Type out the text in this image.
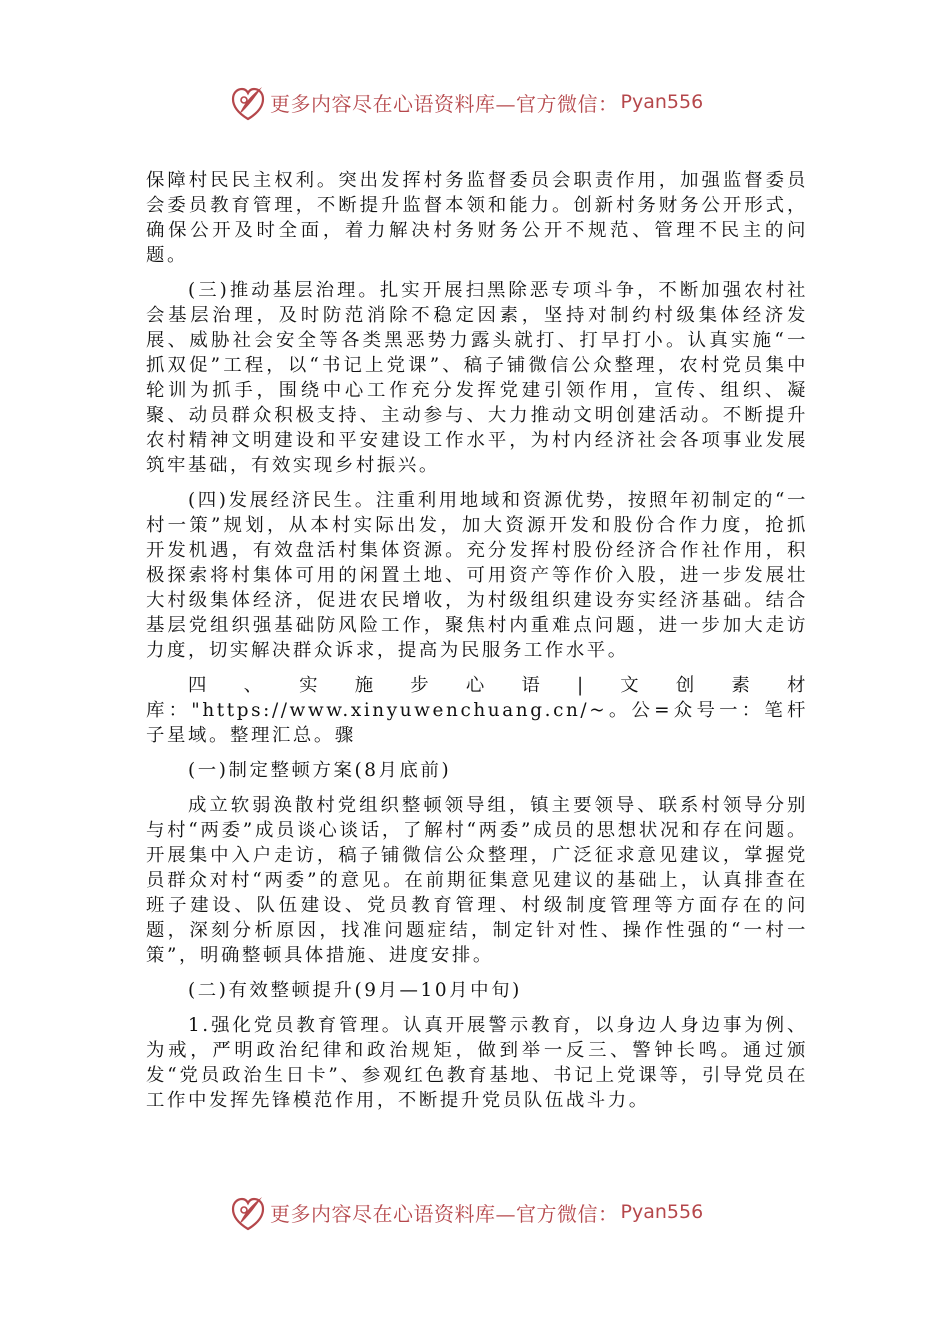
更多内容尽在心语资料库—官方微信： Pyan556

保障村民民主权利。突出发挥村务监督委员会职责作用，加强监督委员会委员教育管理，不断提升监督本领和能力。创新村务财务公开形式，确保公开及时全面，着力解决村务财务公开不规范、管理不民主的问题。

(三)推动基层治理。扎实开展扫黑除恶专项斗争，不断加强农村社会基层治理，及时防范消除不稳定因素，坚持对制约村级集体经济发展、威胁社会安全等各类黑恶势力露头就打、打早打小。认真实施“一抓双促”工程，以“书记上党课”、稿子铺微信公众整理，农村党员集中轮训为抓手，围绕中心工作充分发挥党建引领作用，宣传、组织、凝聚、动员群众积极支持、主动参与、大力推动文明创建活动。不断提升农村精神文明建设和平安建设工作水平，为村内经济社会各项事业发展筑牢基础，有效实现乡村振兴。

(四)发展经济民生。注重利用地域和资源优势，按照年初制定的“一村一策”规划，从本村实际出发，加大资源开发和股份合作力度，抢抓开发机遇，有效盘活村集体资源。充分发挥村股份经济合作社作用，积极探索将村集体可用的闲置土地、可用资产等作价入股，进一步发展壮大村级集体经济，促进农民增收，为村级组织建设夯实经济基础。结合基层党组织强基础防风险工作，聚焦村内重难点问题，进一步加大走访力度，切实解决群众诉求，提高为民服务工作水平。

四、实施步心语|文创素材库："https://www.xinyuwenchuang.cn/~。公=众号一：笔杆子星域。整理汇总。骤

(一)制定整顿方案(8月底前)

成立软弱涣散村党组织整顿领导组，镇主要领导、联系村领导分别与村“两委”成员谈心谈话，了解村“两委”成员的思想状况和存在问题。开展集中入户走访，稿子铺微信公众整理，广泛征求意见建议，掌握党员群众对村“两委”的意见。在前期征集意见建议的基础上，认真排查在班子建设、队伍建设、党员教育管理、村级制度管理等方面存在的问题，深刻分析原因，找准问题症结，制定针对性、操作性强的“一村一策”，明确整顿具体措施、进度安排。

(二)有效整顿提升(9月—10月中旬)

1.强化党员教育管理。认真开展警示教育，以身边人身边事为例、为戒，严明政治纪律和政治规矩，做到举一反三、警钟长鸣。通过颁发“党员政治生日卡”、参观红色教育基地、书记上党课等，引导党员在工作中发挥先锋模范作用，不断提升党员队伍战斗力。

更多内容尽在心语资料库—官方微信： Pyan556
